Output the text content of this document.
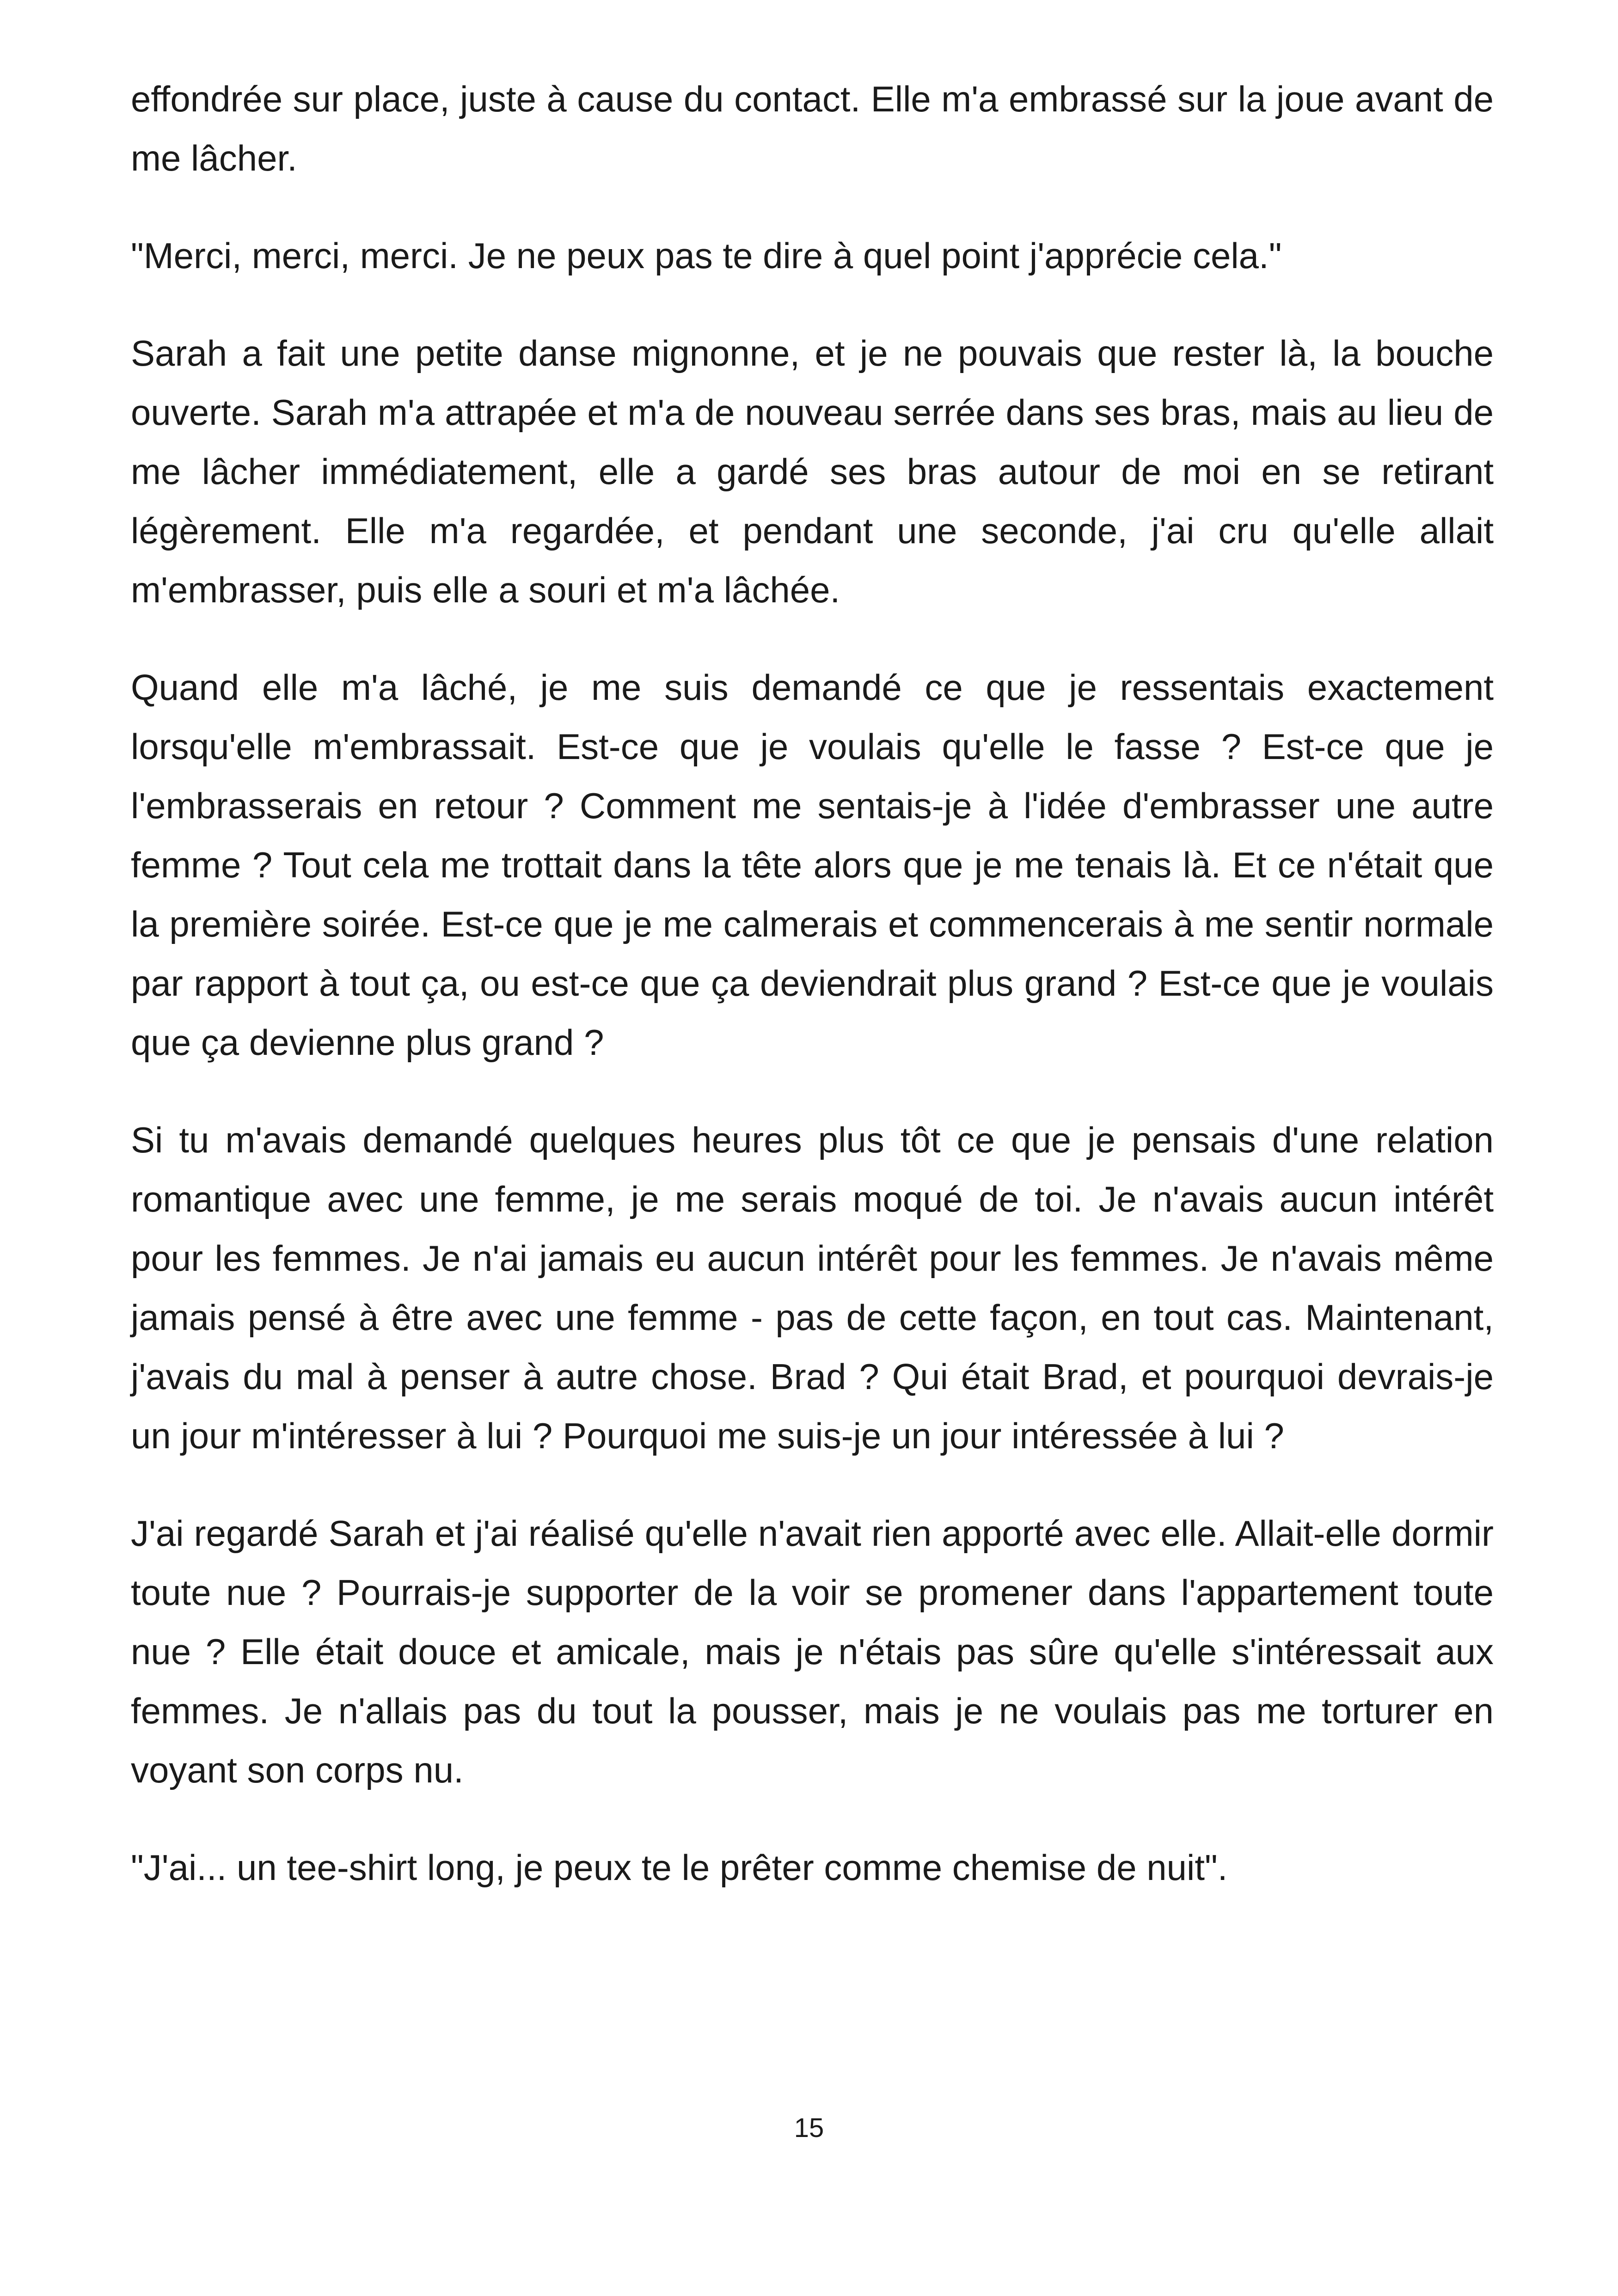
effondrée sur place, juste à cause du contact. Elle m'a embrassé sur la joue avant de me lâcher.

"Merci, merci, merci. Je ne peux pas te dire à quel point j'apprécie cela."

Sarah a fait une petite danse mignonne, et je ne pouvais que rester là, la bouche ouverte. Sarah m'a attrapée et m'a de nouveau serrée dans ses bras, mais au lieu de me lâcher immédiatement, elle a gardé ses bras autour de moi en se retirant légèrement. Elle m'a regardée, et pendant une seconde, j'ai cru qu'elle allait m'embrasser, puis elle a souri et m'a lâchée.

Quand elle m'a lâché, je me suis demandé ce que je ressentais exactement lorsqu'elle m'embrassait. Est-ce que je voulais qu'elle le fasse ? Est-ce que je l'embrasserais en retour ? Comment me sentais-je à l'idée d'embrasser une autre femme ? Tout cela me trottait dans la tête alors que je me tenais là. Et ce n'était que la première soirée. Est-ce que je me calmerais et commencerais à me sentir normale par rapport à tout ça, ou est-ce que ça deviendrait plus grand ? Est-ce que je voulais que ça devienne plus grand ?

Si tu m'avais demandé quelques heures plus tôt ce que je pensais d'une relation romantique avec une femme, je me serais moqué de toi. Je n'avais aucun intérêt pour les femmes. Je n'ai jamais eu aucun intérêt pour les femmes. Je n'avais même jamais pensé à être avec une femme - pas de cette façon, en tout cas. Maintenant, j'avais du mal à penser à autre chose. Brad ? Qui était Brad, et pourquoi devrais-je un jour m'intéresser à lui ? Pourquoi me suis-je un jour intéressée à lui ?

J'ai regardé Sarah et j'ai réalisé qu'elle n'avait rien apporté avec elle. Allait-elle dormir toute nue ? Pourrais-je supporter de la voir se promener dans l'appartement toute nue ? Elle était douce et amicale, mais je n'étais pas sûre qu'elle s'intéressait aux femmes. Je n'allais pas du tout la pousser, mais je ne voulais pas me torturer en voyant son corps nu.

"J'ai... un tee-shirt long, je peux te le prêter comme chemise de nuit".

15
